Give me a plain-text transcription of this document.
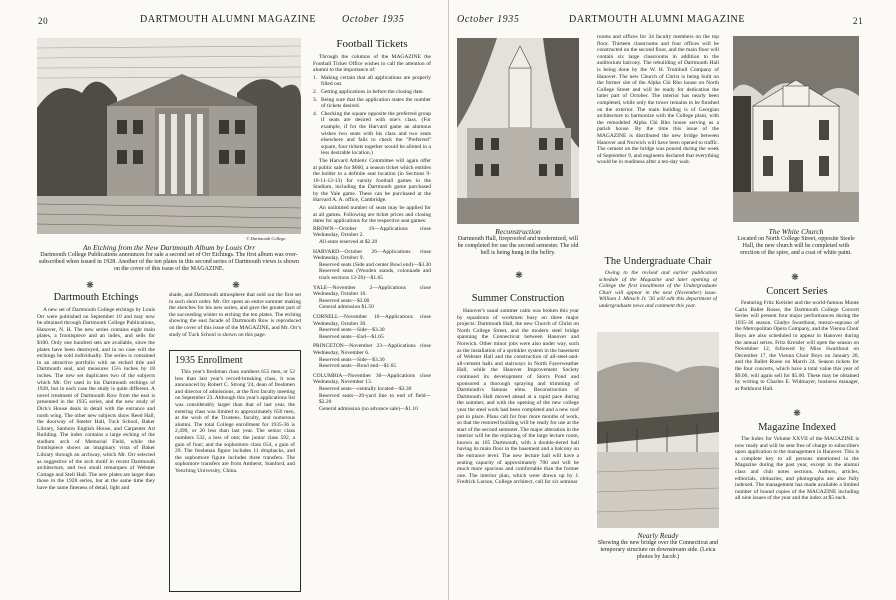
20	DARTMOUTH ALUMNI MAGAZINE	October 1935
© Dartmouth College.
An Etching from the New Dartmouth Album by Louis Orr
Dartmouth College Publications announces for sale a second set of Orr Etchings. The first album was over-subscribed when issued in 1928. Another of the ten plates in this second series of Dartmouth views is shown on the cover of this issue of the MAGAZINE.
❋	❋
Dartmouth Etchings

A new set of Dartmouth College etchings by Louis Orr were published on September 10 and may now be obtained through Dartmouth College Publications, Hanover, N. H. The new series contains eight main plates, a frontispiece and an index, and sells for $100. Only one hundred sets are available, since the plates have been destroyed, and in no case will the etchings be sold individually. The series is contained in an attractive portfolio with an etched title and Dartmouth seal, and measures 15¼ inches by 18 inches. The new set duplicates two of the subjects which Mr. Orr used in his Dartmouth etchings of 1928, but in each case the study is quite different. A novel treatment of Dartmouth Row from the east is presented in the 1935 series, and the new study of Dick's House deals in detail with the entrance and north wing. The other new subjects show Reed Hall, the doorway of Steeter Hall, Tuck School, Baker Library, Sanborn English House, and Carpenter Art Building. The index contains a large etching of the stadium arch of Memorial Field, while the frontispiece shows an imaginary vista of Baker Library through an archway, which Mr. Orr selected as suggestive of the arch motif in recent Dartmouth architecture, and two small remarques of Webster Cottage and Stell Hall. The new plates are larger than those in the 1928 series, but at the same time they have the same fineness of detail, light and

shade, and Dartmouth atmosphere that sold out the first set in such short order. Mr. Orr spent an entire summer making the sketches for his new series, and gave the greater part of the succeeding winter to etching the ten plates. The etching showing the east facade of Dartmouth Row is reproduced on the cover of this issue of the MAGAZINE, and Mr. Orr's study of Tuck School is shown on this page.

1935 Enrollment

This year's freshman class numbers 655 men, or 52 less than last year's record-breaking class, it was announced by Robert C. Strong '24, dean of freshmen and director of admissions, at the first faculty meeting on September 23. Although this year's applications list was considerably larger than that of last year, the entering class was limited to approximately 650 men, at the wish of the Trustees, faculty, and numerous alumni. The total College enrollment for 1935-36 is 2,490, or 20 less than last year. The senior class numbers 532, a loss of one; the junior class 592, a gain of four; and the sophomore class 654, a gain of 29. The freshman figure includes 11 dropbacks, and the sophomore figure includes three transfers. The sophomore transfers are from Amherst, Stanford, and Yenching University, China.

Football Tickets

Through the columns of the MAGAZINE the Football Ticket Office wishes to call the attention of alumni to the importance of:

1. Making certain that all applications are properly filled out.
2. Getting applications in before the closing date.
3. Being sure that the application states the number of tickets desired.
4. Checking the square opposite the preferred group if seats are desired with one's class. (For example, if for the Harvard game an alumnus wishes two seats with his class and two seats elsewhere and fails to check the "Preferred" square, four tickets together would be alloted in a less desirable location.)

The Harvard Athletic Committee will again offer at public sale for $660, a season ticket which entitles the holder to a definite seat location (in Sections 9-10-11-12-13) for varsity football games in the Stadium, including the Dartmouth game purchased by the Yale game. These can be purchased at the Harvard A. A. office, Cambridge.

An unlimited number of seats may be applied for at all games. Following are ticket prices and closing dates for applications for the respective seat games:

BROWN—October 19—Applications close Wednesday, October 2.
All seats reserved at $2.20
HARVARD—October 26—Applications close Wednesday, October 9.
Reserved seats (Side and center Bowl end)—$3.30
Reserved seats (Wooden stands, colonnade and track sections 12-26)—$1.65
YALE—November 2—Applications close Wednesday, October 16.
Reserved seats—$3.00
General admission $1.50
CORNELL—November 16—Applications close Wednesday, October 30.
Reserved seats—Side—$3.30
Reserved seats—End—$1.65
PRINCETON—November 23—Applications close Wednesday, November 6.
Reserved seats—Side—$3.30
Reserved seats—Bowl end—$1.65
COLUMBIA—November 30—Applications close Wednesday, November 13.
Reserved seats—centrally located—$3.30
Reserved seats—20-yard line to end of field—$2.20
General admission (no advance sale)—$1.10
October 1935	DARTMOUTH ALUMNI MAGAZINE	21
Reconstruction
Dartmouth Hall, fireproofed and modernized, will be completed for use the second semester. The old bell is being hung in the belfry.
❋

rooms and offices for 34 faculty members on the top floor. Thirteen classrooms and four offices will be constructed on the second floor, and the main floor will contain six large classrooms in addition to the auditorium balcony. The rebuilding of Dartmouth Hall is being done by the W. H. Trumbull Company of Hanover. The new Church of Christ is being built on the former site of the Alpha Chi Rho house on North College Street and will be ready for dedication the latter part of October. The interior has nearly been completed, while only the tower remains to be finished on the exterior. The main building is of Georgian architecture to harmonize with the College plant, with the remodeled Alpha Chi Rho house serving as a parish house. By the time this issue of the MAGAZINE is distributed the new bridge between Hanover and Norwich will have been opened to traffic. The cement on the bridge was poured during the week of September 9, and engineers declared that everything would be in readiness after a ten-day wait.

The White Church
Located on North College Street, opposite Steele Hall, the new church will be completed with erection of the spire, and a coat of white paint.
❋
Summer Construction

Hanover's usual summer calm was broken this year by squadrons of workmen busy on three major projects: Dartmouth Hall, the new Church of Christ on North College Street, and the modern steel bridge spanning the Connecticut between Hanover and Norwich. Other minor jobs were also under way, such as the installation of a sprinkler system in the basement of Webster Hall and the construction of all-steel-and-all-cement halls and stairways in North Fayerweather Hall, while the Hanover Improvement Society continued its development of Storrs Pond and sponsored a thorough spraying and trimming of Dartmouth's famous elms. Reconstruction of Dartmouth Hall moved ahead at a rapid pace during the summer, and with the opening of the new college year the steel work had been completed and a new roof put in place. Plans call for four more months of work, so that the restored building will be ready for use at the start of the second semester. The major alteration in the interior will be the replacing of the large lecture room, known as 105 Dartmouth, with a double-tiered hall having its main floor in the basement and a balcony on the entrance level. The new lecture hall will have a seating capacity of approximately 700 and will be much more spacious and comfortable than the former one. The interior plan, which were drawn up by J. Fredrick Larson, College architect, call for six seminar

The Undergraduate Chair

Owing to the revised and earlier publication schedule of the Magazine and later opening of College the first installment of the Undergraduate Chair will appear in the next (November) issue. William J. Minsch Jr. '36 will edit this department of undergraduate news and comment this year.

Nearly Ready
Showing the new bridge over the Connecticut and temporary structure on downstream side. (Leica photos by Jacob.)
Concert Series

Featuring Fritz Kreisler and the world-famous Monte Carlo Ballet Russe, the Dartmouth College Concert Series will present four major performances during the 1935-36 season. Gladys Swarthout, mezzo-soprano of the Metropolitan Opera Company, and the Vienna Choir Boys are also scheduled to appear in Hanover during the annual series. Fritz Kreisler will open the season on November 12, followed by Miss Swarthout on December 17, the Vienna Choir Boys on January 28, and the Ballet Russe on March 24. Season tickets for the four concerts, which have a total value this year of $9.00, will again sell for $5.00. These may be obtained by writing to Charles E. Widmayer, business manager, at Parkhurst Hall.

❋
Magazine Indexed

The Index for Volume XXVII of the MAGAZINE is now ready and will be sent free of charge to subscribers upon application to the management in Hanover. This is a complete key to all persons mentioned in the Magazine during the past year, except in the alumni class and club notes sections. Authors, articles, editorials, obituaries, and photographs are also fully indexed. The management has made available a limited number of bound copies of the MAGAZINE including all nine issues of the year and the index at $5 each.
